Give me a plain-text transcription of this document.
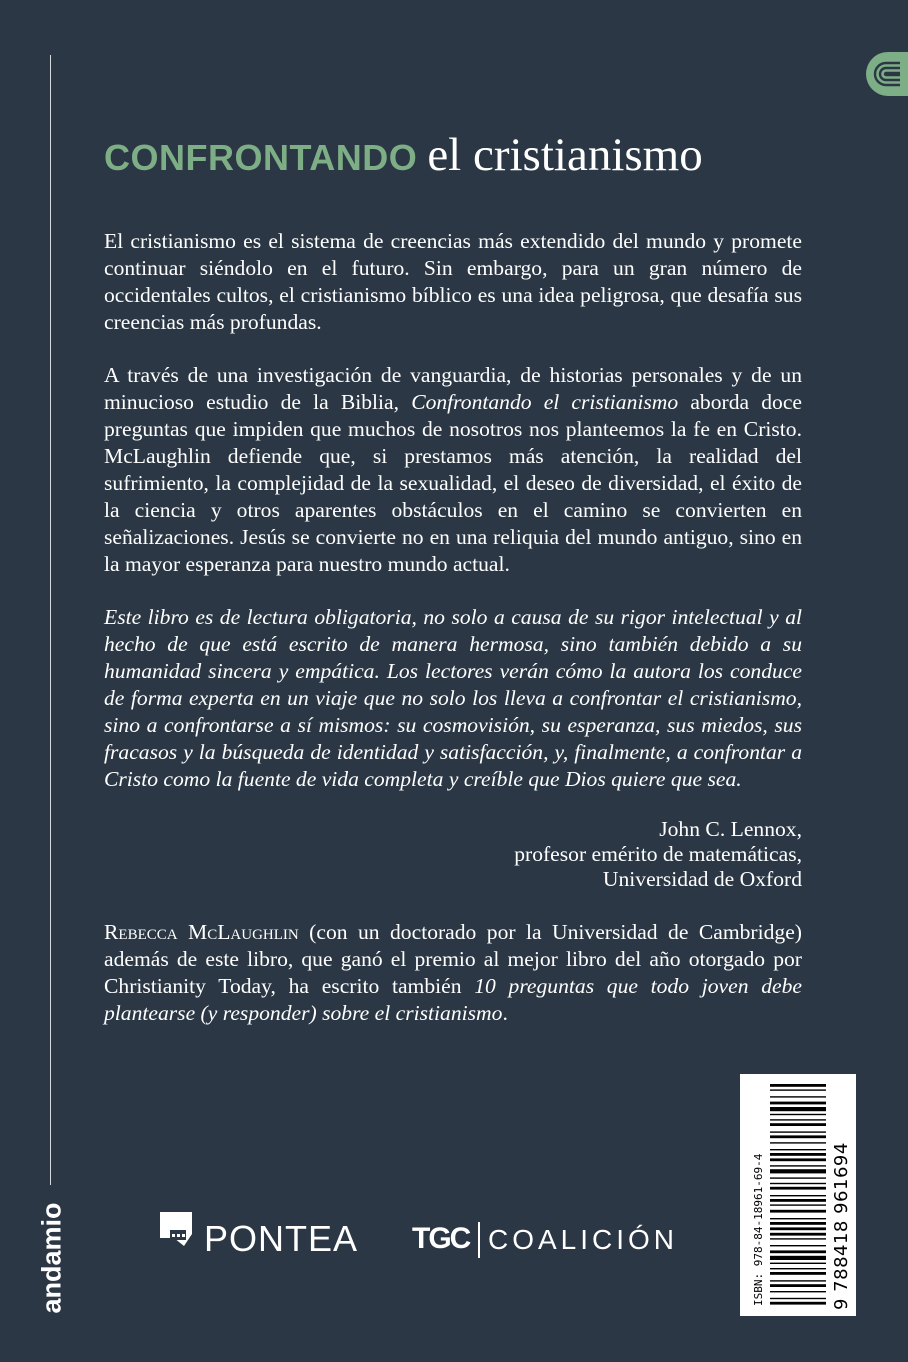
andamio
CONFRONTANDO el cristianismo
El cristianismo es el sistema de creencias más extendido del mundo y promete continuar siéndolo en el futuro. Sin embargo, para un gran número de occidentales cultos, el cristianismo bíblico es una idea peligrosa, que desafía sus creencias más profundas.
A través de una investigación de vanguardia, de historias personales y de un minucioso estudio de la Biblia, Confrontando el cristianismo aborda doce preguntas que impiden que muchos de nosotros nos planteemos la fe en Cristo. McLaughlin defiende que, si prestamos más atención, la realidad del sufrimiento, la complejidad de la sexualidad, el deseo de diversidad, el éxito de la ciencia y otros aparentes obstáculos en el camino se convierten en señalizaciones. Jesús se convierte no en una reliquia del mundo antiguo, sino en la mayor esperanza para nuestro mundo actual.
Este libro es de lectura obligatoria, no solo a causa de su rigor intelectual y al hecho de que está escrito de manera hermosa, sino también debido a su humanidad sincera y empática. Los lectores verán cómo la autora los conduce de forma experta en un viaje que no solo los lleva a confrontar el cristianismo, sino a confrontarse a sí mismos: su cosmovisión, su esperanza, sus miedos, sus fracasos y la búsqueda de identidad y satisfacción, y, finalmente, a confrontar a Cristo como la fuente de vida completa y creíble que Dios quiere que sea.
John C. Lennox,
profesor emérito de matemáticas,
Universidad de Oxford
Rebecca McLaughlin (con un doctorado por la Universidad de Cambridge) además de este libro, que ganó el premio al mejor libro del año otorgado por Christianity Today, ha escrito también 10 preguntas que todo joven debe plantearse (y responder) sobre el cristianismo.
ISBN: 978-84-18961-69-4	9 788418 961694
PONTEA TGC COALICIÓN
